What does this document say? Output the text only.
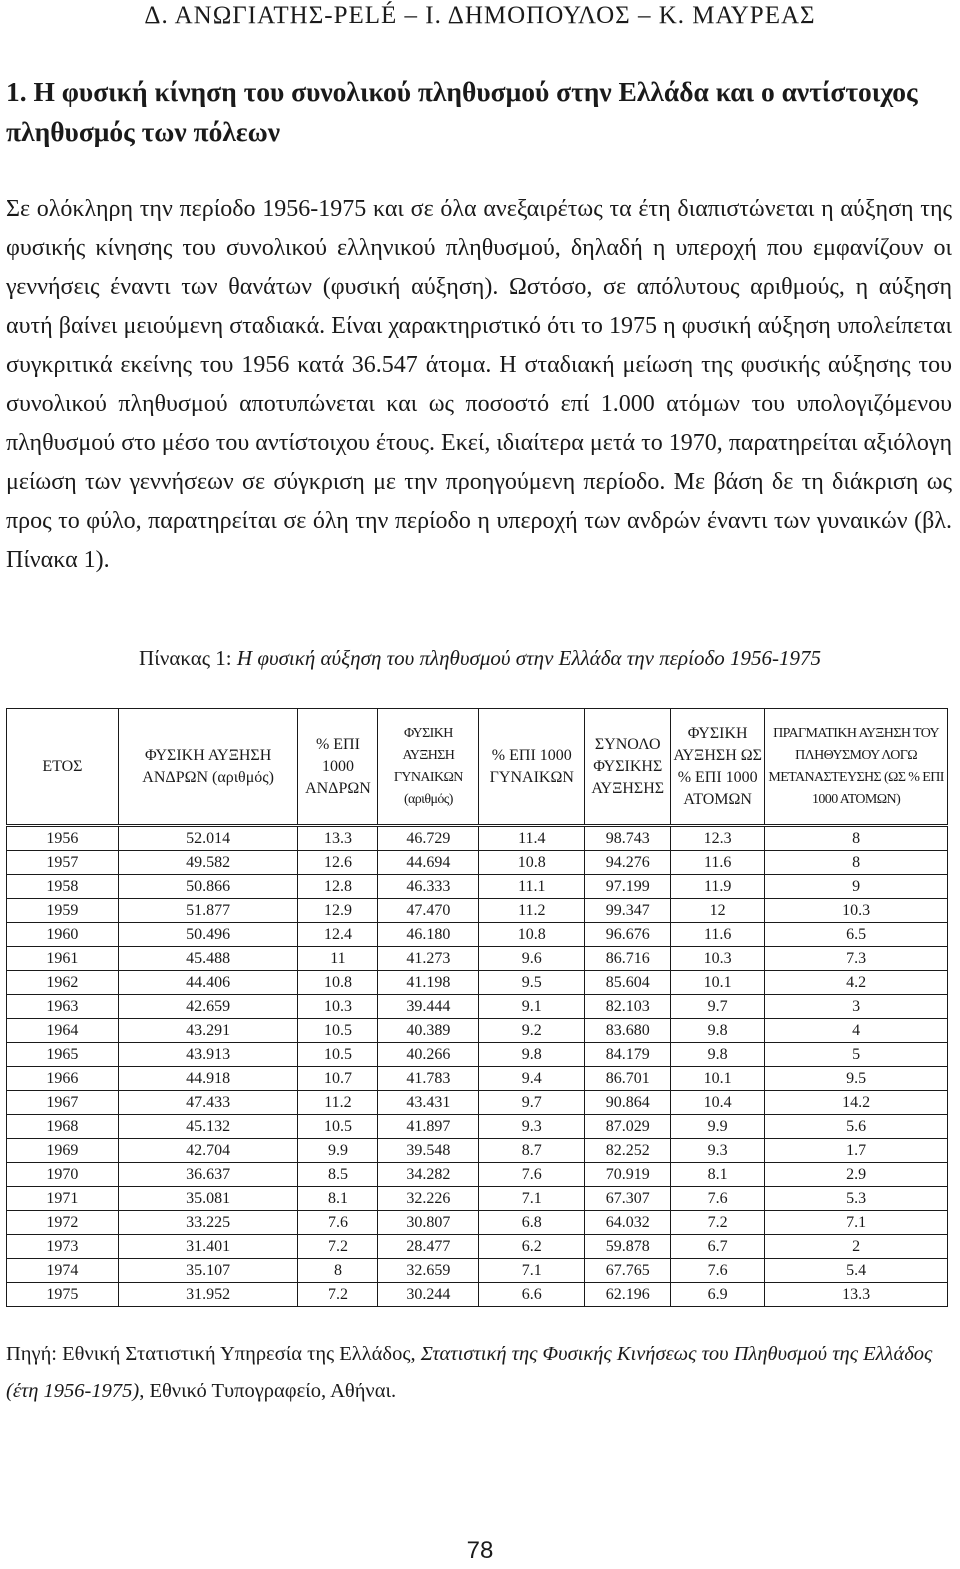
Δ. ΑΝΩΓΙΑΤΗΣ-PELÉ – Ι. ΔΗΜΟΠΟΥΛΟΣ – Κ. ΜΑΥΡΕΑΣ
1. Η φυσική κίνηση του συνολικού πληθυσμού στην Ελλάδα και ο αντίστοιχος πληθυσμός των πόλεων

Σε ολόκληρη την περίοδο 1956-1975 και σε όλα ανεξαιρέτως τα έτη διαπιστώνεται η αύξηση της φυσικής κίνησης του συνολικού ελληνικού πληθυσμού, δηλαδή η υπεροχή που εμφανίζουν οι γεννήσεις έναντι των θανάτων (φυσική αύξηση). Ωστόσο, σε απόλυτους αριθμούς, η αύξηση αυτή βαίνει μειούμενη σταδιακά. Είναι χαρακτηριστικό ότι το 1975 η φυσική αύξηση υπολείπεται συγκριτικά εκείνης του 1956 κατά 36.547 άτομα. Η σταδιακή μείωση της φυσικής αύξησης του συνολικού πληθυσμού αποτυπώνεται και ως ποσοστό επί 1.000 ατόμων του υπολογιζόμενου πληθυσμού στο μέσο του αντίστοιχου έτους. Εκεί, ιδιαίτερα μετά το 1970, παρατηρείται αξιόλογη μείωση των γεννήσεων σε σύγκριση με την προηγούμενη περίοδο. Με βάση δε τη διάκριση ως προς το φύλο, παρατηρείται σε όλη την περίοδο η υπεροχή των ανδρών έναντι των γυναικών (βλ. Πίνακα 1).

Πίνακας 1: Η φυσική αύξηση του πληθυσμού στην Ελλάδα την περίοδο 1956-1975
ΕΤΟΣ	ΦΥΣΙΚΗ ΑΥΞΗΣΗ ΑΝΔΡΩΝ (αριθμός)	% ΕΠΙ 1000 ΑΝΔΡΩΝ	ΦΥΣΙΚΗ ΑΥΞΗΣΗ ΓΥΝΑΙΚΩΝ (αριθμός)	% ΕΠΙ 1000 ΓΥΝΑΙΚΩΝ	ΣΥΝΟΛΟ ΦΥΣΙΚΗΣ ΑΥΞΗΣΗΣ	ΦΥΣΙΚΗ ΑΥΞΗΣΗ ΩΣ % ΕΠΙ 1000 ΑΤΟΜΩΝ	ΠΡΑΓΜΑΤΙΚΗ ΑΥΞΗΣΗ ΤΟΥ ΠΛΗΘΥΣΜΟΥ ΛΟΓΩ ΜΕΤΑΝΑΣΤΕΥΣΗΣ (ΩΣ % ΕΠΙ 1000 ΑΤΟΜΩΝ)
1956	52.014	13.3	46.729	11.4	98.743	12.3	8
1957	49.582	12.6	44.694	10.8	94.276	11.6	8
1958	50.866	12.8	46.333	11.1	97.199	11.9	9
1959	51.877	12.9	47.470	11.2	99.347	12	10.3
1960	50.496	12.4	46.180	10.8	96.676	11.6	6.5
1961	45.488	11	41.273	9.6	86.716	10.3	7.3
1962	44.406	10.8	41.198	9.5	85.604	10.1	4.2
1963	42.659	10.3	39.444	9.1	82.103	9.7	3
1964	43.291	10.5	40.389	9.2	83.680	9.8	4
1965	43.913	10.5	40.266	9.8	84.179	9.8	5
1966	44.918	10.7	41.783	9.4	86.701	10.1	9.5
1967	47.433	11.2	43.431	9.7	90.864	10.4	14.2
1968	45.132	10.5	41.897	9.3	87.029	9.9	5.6
1969	42.704	9.9	39.548	8.7	82.252	9.3	1.7
1970	36.637	8.5	34.282	7.6	70.919	8.1	2.9
1971	35.081	8.1	32.226	7.1	67.307	7.6	5.3
1972	33.225	7.6	30.807	6.8	64.032	7.2	7.1
1973	31.401	7.2	28.477	6.2	59.878	6.7	2
1974	35.107	8	32.659	7.1	67.765	7.6	5.4
1975	31.952	7.2	30.244	6.6	62.196	6.9	13.3

Πηγή: Εθνική Στατιστική Υπηρεσία της Ελλάδος, Στατιστική της Φυσικής Κινήσεως του Πληθυσμού της Ελλάδος (έτη 1956-1975), Εθνικό Τυπογραφείο, Αθήναι.

78
